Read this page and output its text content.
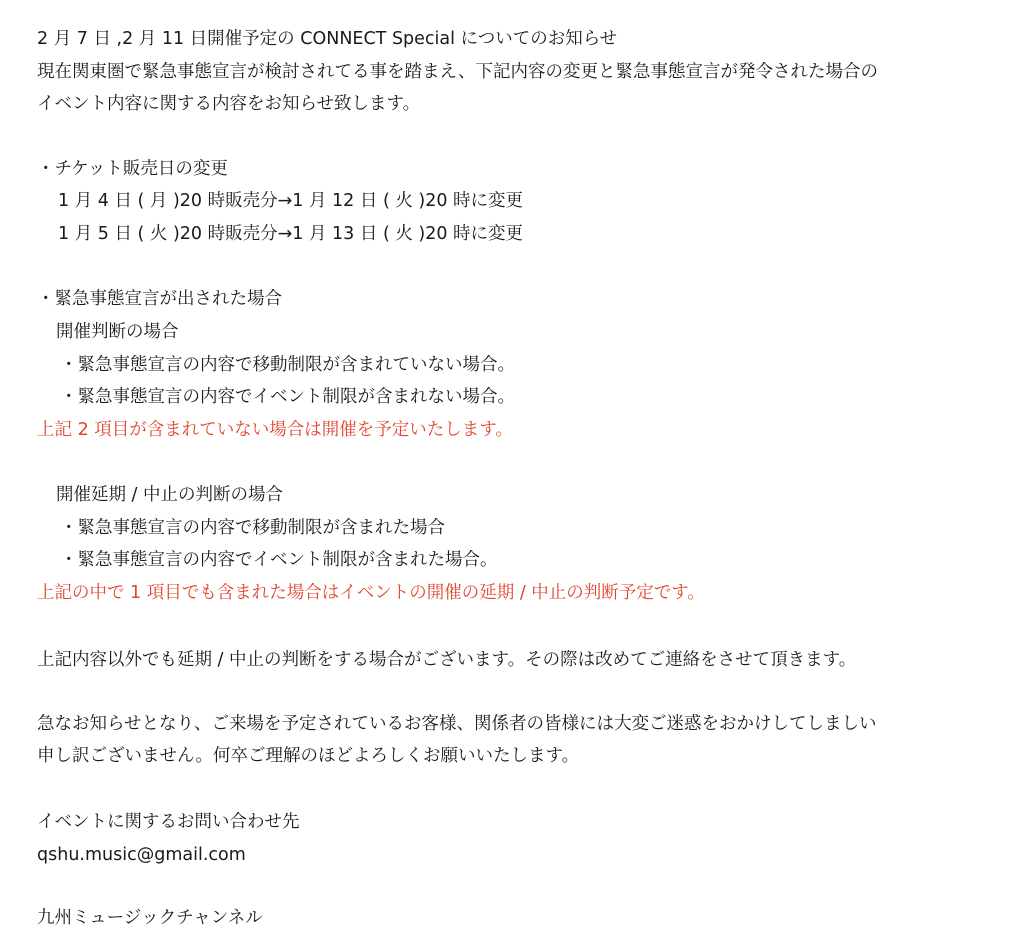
2 月 7 日 ,2 月 11 日開催予定の CONNECT Special についてのお知らせ
現在関東圏で緊急事態宣言が検討されてる事を踏まえ、下記内容の変更と緊急事態宣言が発令された場合の
イベント内容に関する内容をお知らせ致します。
・チケット販売日の変更
1 月 4 日 ( 月 )20 時販売分→1 月 12 日 ( 火 )20 時に変更
1 月 5 日 ( 火 )20 時販売分→1 月 13 日 ( 火 )20 時に変更
・緊急事態宣言が出された場合
開催判断の場合
・緊急事態宣言の内容で移動制限が含まれていない場合。
・緊急事態宣言の内容でイベント制限が含まれない場合。
上記 2 項目が含まれていない場合は開催を予定いたします。
開催延期 / 中止の判断の場合
・緊急事態宣言の内容で移動制限が含まれた場合
・緊急事態宣言の内容でイベント制限が含まれた場合。
上記の中で 1 項目でも含まれた場合はイベントの開催の延期 / 中止の判断予定です。
上記内容以外でも延期 / 中止の判断をする場合がございます。その際は改めてご連絡をさせて頂きます。
急なお知らせとなり、ご来場を予定されているお客様、関係者の皆様には大変ご迷惑をおかけしてしましい
申し訳ございません。何卒ご理解のほどよろしくお願いいたします。
イベントに関するお問い合わせ先
qshu.music@gmail.com
九州ミュージックチャンネル
